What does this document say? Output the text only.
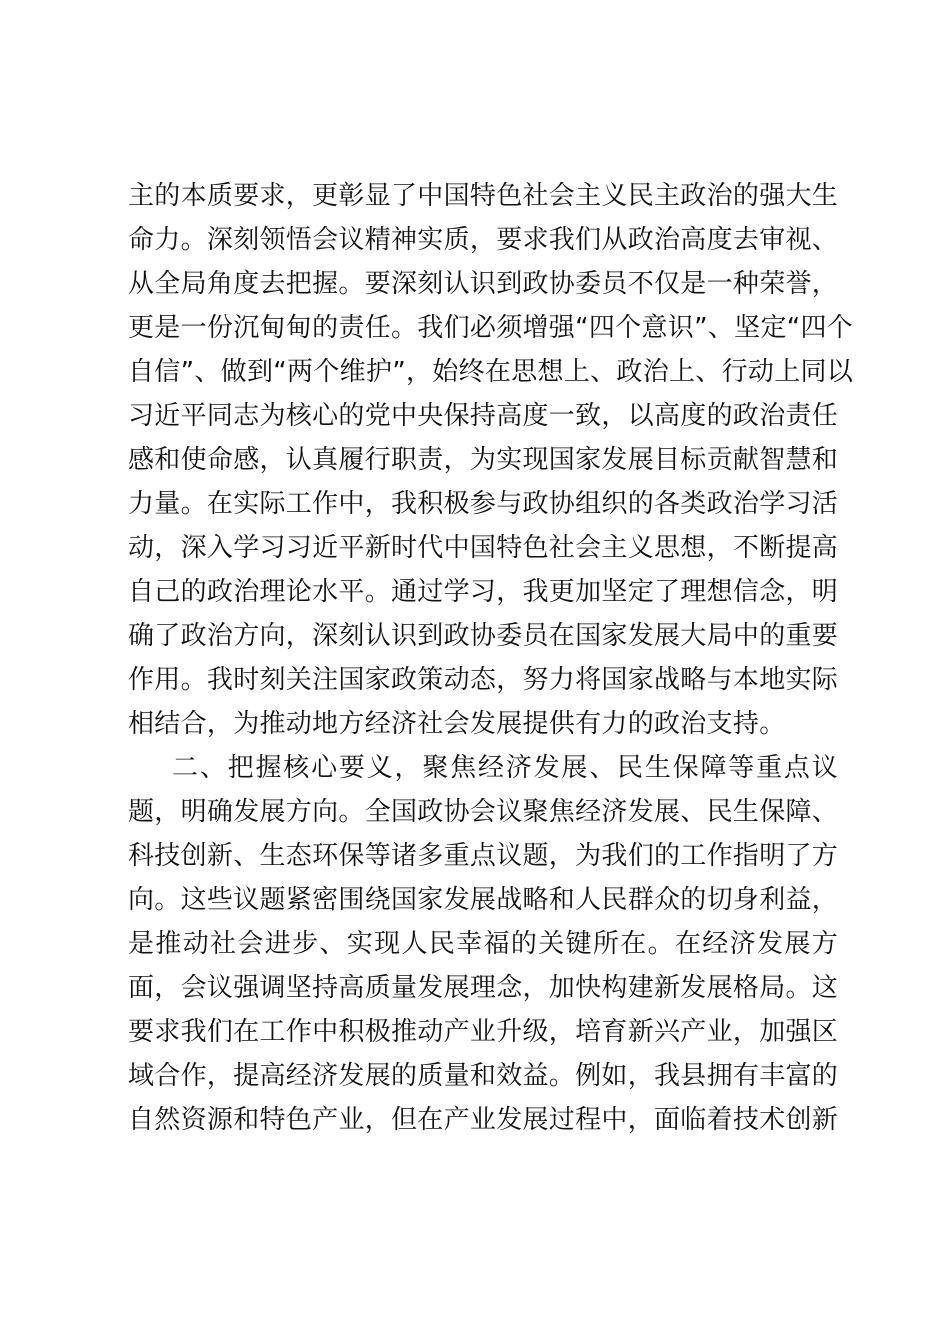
主的本质要求，更彰显了中国特色社会主义民主政治的强大生
命力。深刻领悟会议精神实质，要求我们从政治高度去审视、
从全局角度去把握。要深刻认识到政协委员不仅是一种荣誉，
更是一份沉甸甸的责任。我们必须增强“四个意识”、坚定“四个
自信”、做到“两个维护”，始终在思想上、政治上、行动上同以
习近平同志为核心的党中央保持高度一致，以高度的政治责任
感和使命感，认真履行职责，为实现国家发展目标贡献智慧和
力量。在实际工作中，我积极参与政协组织的各类政治学习活
动，深入学习习近平新时代中国特色社会主义思想，不断提高
自己的政治理论水平。通过学习，我更加坚定了理想信念，明
确了政治方向，深刻认识到政协委员在国家发展大局中的重要
作用。我时刻关注国家政策动态，努力将国家战略与本地实际
相结合，为推动地方经济社会发展提供有力的政治支持。
二、把握核心要义，聚焦经济发展、民生保障等重点议
题，明确发展方向。全国政协会议聚焦经济发展、民生保障、
科技创新、生态环保等诸多重点议题，为我们的工作指明了方
向。这些议题紧密围绕国家发展战略和人民群众的切身利益，
是推动社会进步、实现人民幸福的关键所在。在经济发展方
面，会议强调坚持高质量发展理念，加快构建新发展格局。这
要求我们在工作中积极推动产业升级，培育新兴产业，加强区
域合作，提高经济发展的质量和效益。例如，我县拥有丰富的
自然资源和特色产业，但在产业发展过程中，面临着技术创新
